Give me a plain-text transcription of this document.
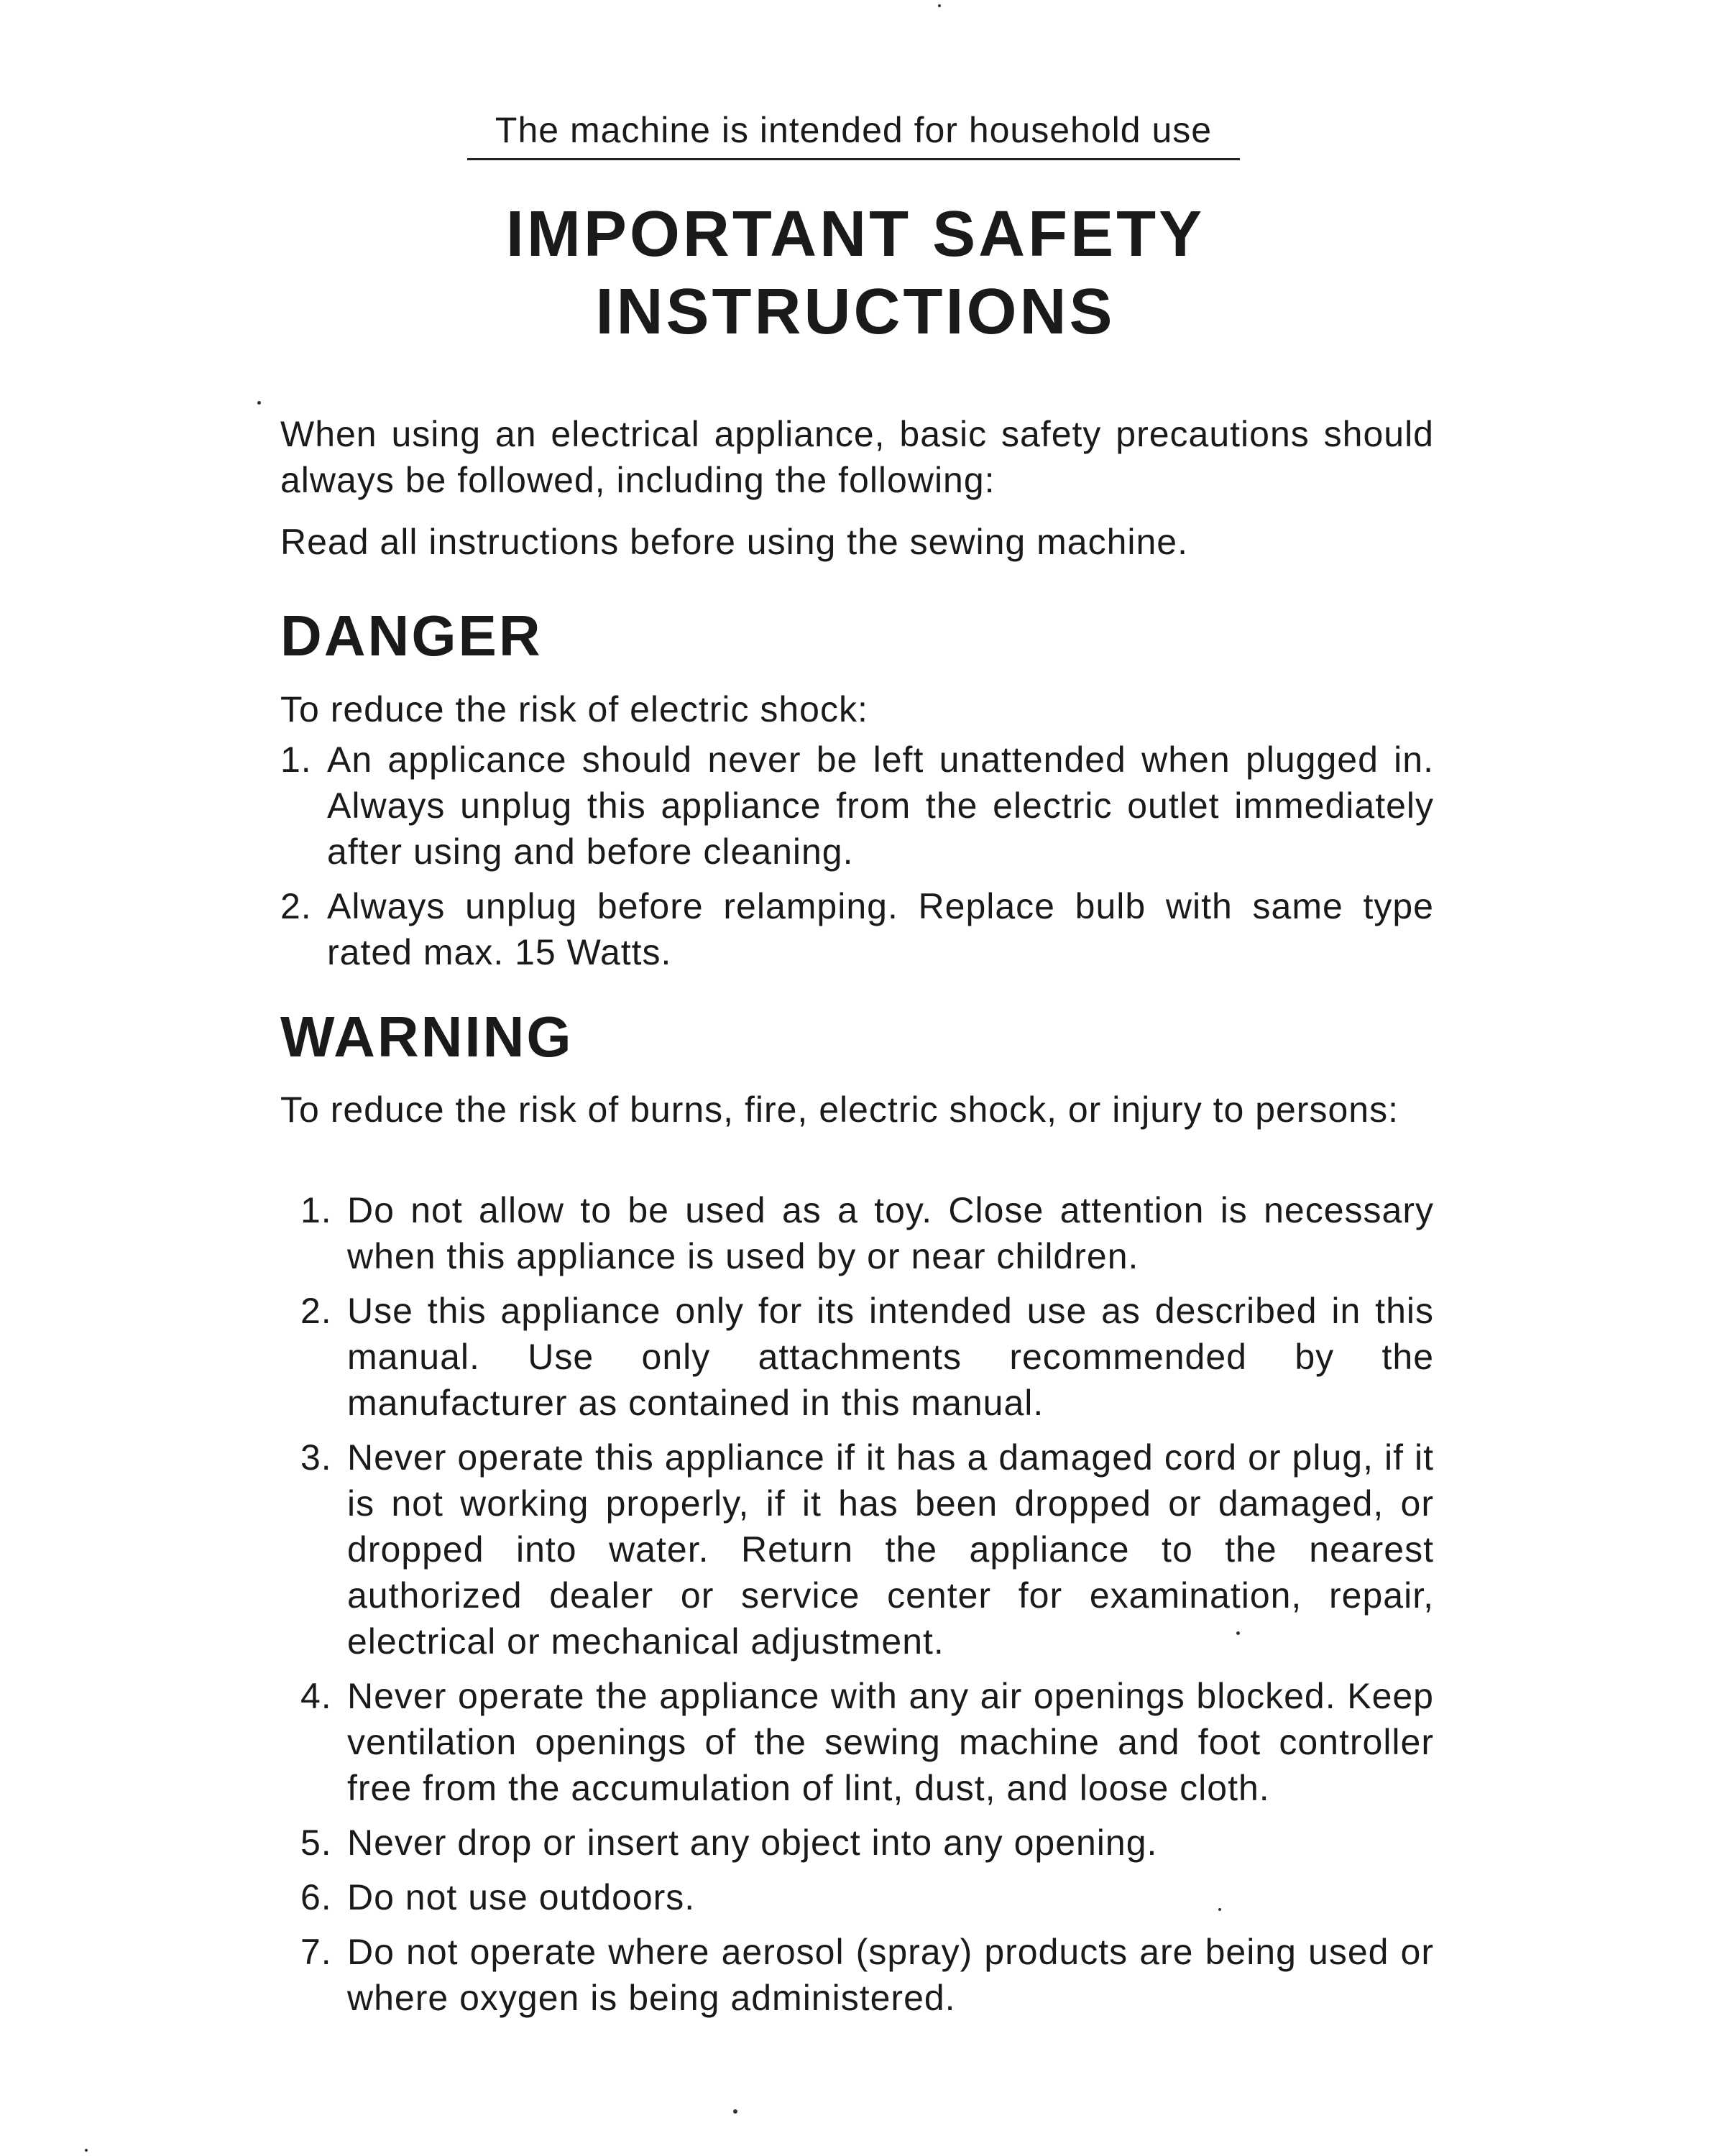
The machine is intended for household use
IMPORTANT SAFETY INSTRUCTIONS
When using an electrical appliance, basic safety precautions should always be followed, including the following:
Read all instructions before using the sewing machine.
DANGER
To reduce the risk of electric shock:
1. An applicance should never be left unattended when plugged in. Always unplug this appliance from the electric outlet immediately after using and before cleaning.
2. Always unplug before relamping. Replace bulb with same type rated max. 15 Watts.
WARNING
To reduce the risk of burns, fire, electric shock, or injury to persons:
1. Do not allow to be used as a toy. Close attention is necessary when this appliance is used by or near children.
2. Use this appliance only for its intended use as described in this manual. Use only attachments recommended by the manufacturer as contained in this manual.
3. Never operate this appliance if it has a damaged cord or plug, if it is not working properly, if it has been dropped or damaged, or dropped into water. Return the appliance to the nearest authorized dealer or service center for examination, repair, electrical or mechanical adjustment.
4. Never operate the appliance with any air openings blocked. Keep ventilation openings of the sewing machine and foot controller free from the accumulation of lint, dust, and loose cloth.
5. Never drop or insert any object into any opening.
6. Do not use outdoors.
7. Do not operate where aerosol (spray) products are being used or where oxygen is being administered.
